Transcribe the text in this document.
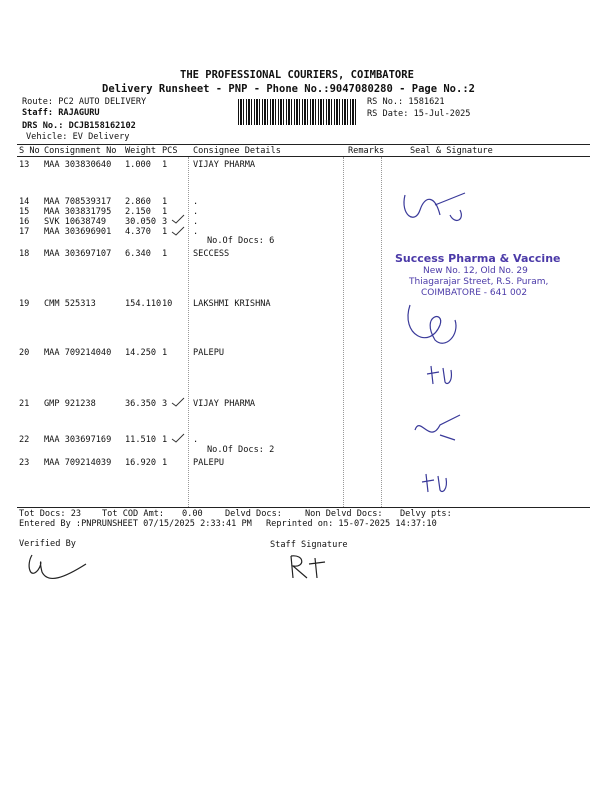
THE PROFESSIONAL COURIERS, COIMBATORE
Delivery Runsheet - PNP - Phone No.:9047080280 - Page No.:2
Route: PC2 AUTO DELIVERY
Staff: RAJAGURU
DRS No.: DCJB158162102
Vehicle: EV Delivery
RS No.: 1581621
RS Date: 15-Jul-2025
S No Consignment No Weight PCS Consignee Details	Remarks	Seal & Signature
13 MAA 303830640 1.000 1	VIJAY PHARMA
14 MAA 708539317 2.860 1	.
15 MAA 303831795 2.150 1	.
16 SVK 10638749 30.050 3	.
17 MAA 303696901 4.370 1	.
No.Of Docs: 6
18 MAA 303697107 6.340 1	SECCESS
19 CMM 525313	154.110 10 LAKSHMI KRISHNA
20 MAA 709214040 14.250 1	PALEPU
21 GMP 921238	36.350 3	VIJAY PHARMA
22 MAA 303697169 11.510 1	.
No.Of Docs: 2
23 MAA 709214039 16.920 1	PALEPU
Success Pharma & Vaccine
New No. 12, Old No. 29
Thiagarajar Street, R.S. Puram,
COIMBATORE - 641 002
Tot Docs: 23 Tot COD Amt: 0.00	Delvd Docs:	Non Delvd Docs: Delvy pts:
Entered By :PNPRUNSHEET 07/15/2025 2:33:41 PM Reprinted on: 15-07-2025 14:37:10
Verified By	Staff Signature
